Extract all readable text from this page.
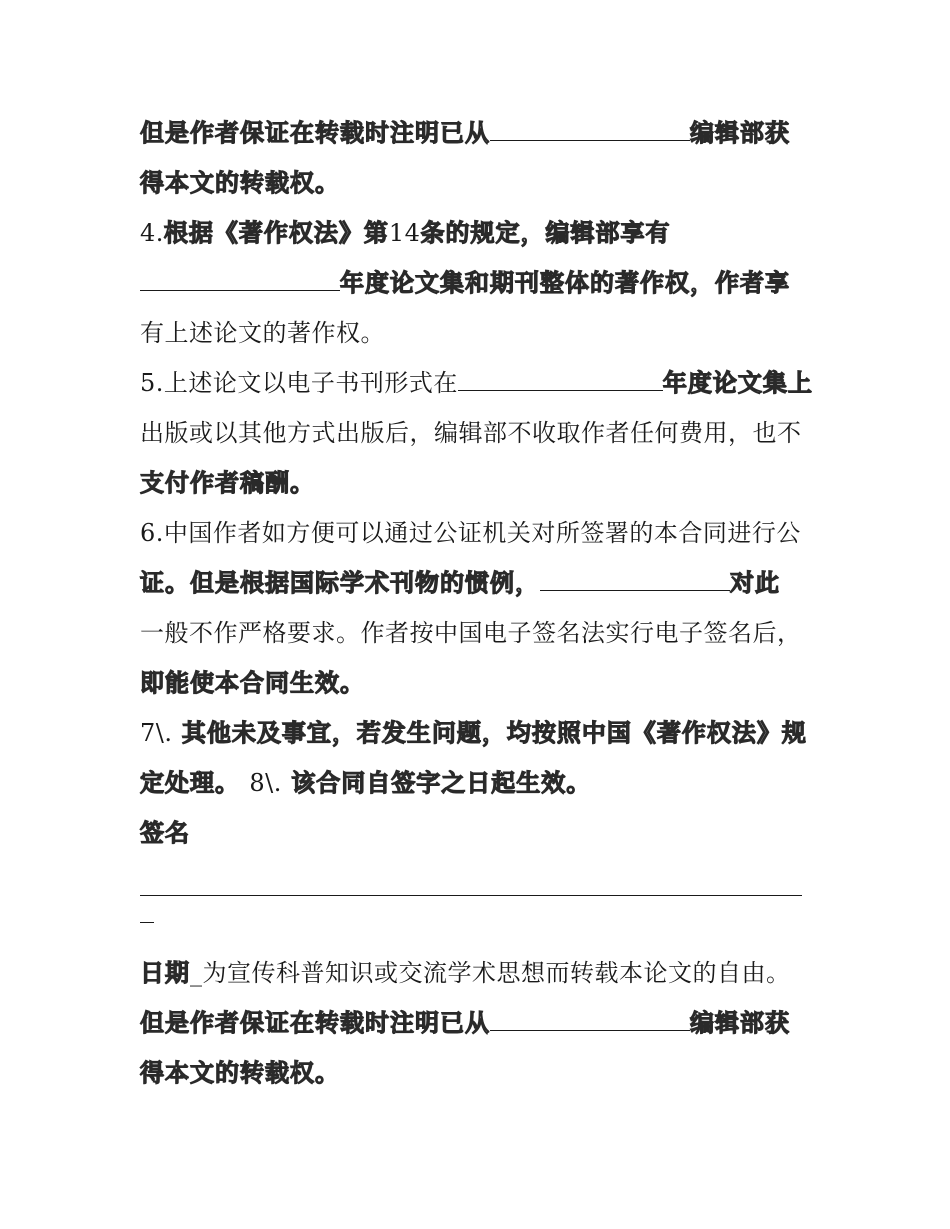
但是作者保证在转载时注明已从	编辑部获
得本文的转载权。
4.根据《著作权法》第14条的规定，编辑部享有
年度论文集和期刊整体的著作权，作者享
有上述论文的著作权。
5.上述论文以电子书刊形式在	年度论文集上
出版或以其他方式出版后，编辑部不收取作者任何费用，也不
支付作者稿酬。
6.中国作者如方便可以通过公证机关对所签署的本合同进行公
证。但是根据国际学术刊物的惯例，	对此
一般不作严格要求。作者按中国电子签名法实行电子签名后，
即能使本合同生效。
7\. 其他未及事宜，若发生问题，均按照中国《著作权法》规
定处理。 8\. 该合同自签字之日起生效。
签名
日期_为宣传科普知识或交流学术思想而转载本论文的自由。
但是作者保证在转载时注明已从	编辑部获
得本文的转载权。
